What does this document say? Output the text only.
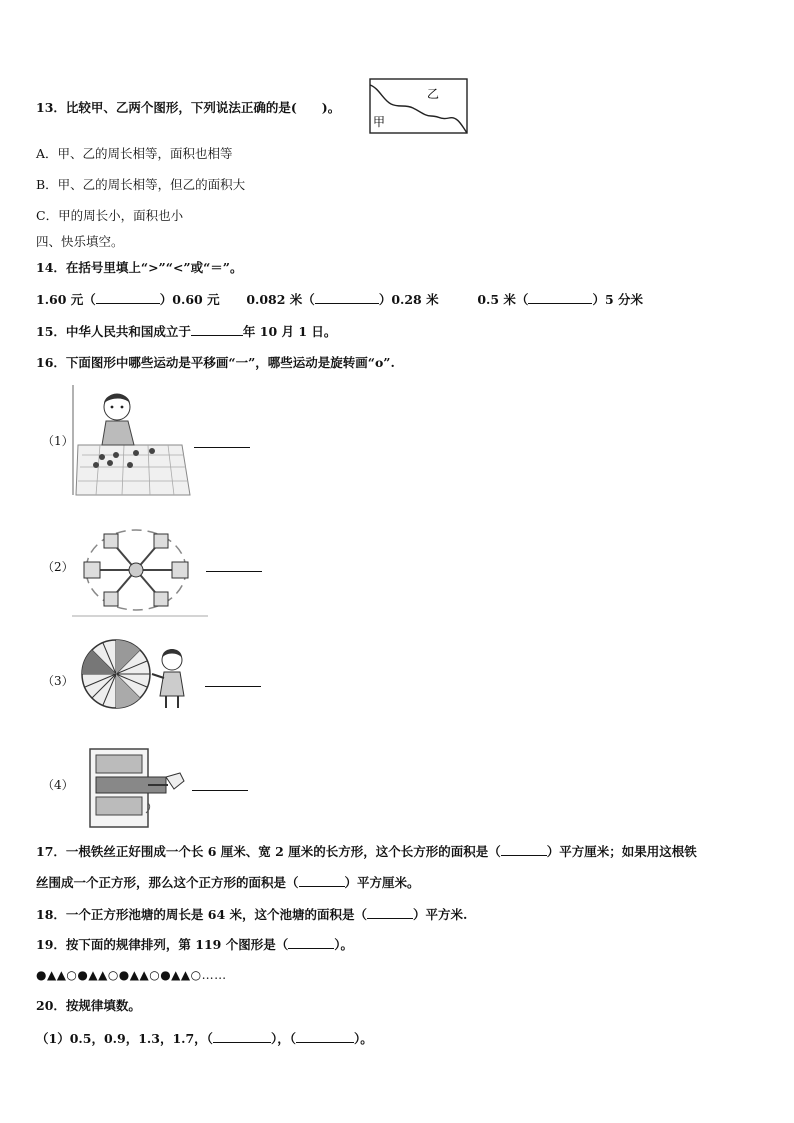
13．比较甲、乙两个图形，下列说法正确的是(　　)。
乙
甲
A．甲、乙的周长相等，面积也相等
B．甲、乙的周长相等，但乙的面积大
C．甲的周长小，面积也小
四、快乐填空。
14．在括号里填上“>”“<”或“＝”。
1.60 元（	）0.60 元 0.082 米（	）0.28 米	0.5 米（	）5 分米
15．中华人民共和国成立于	年 10 月 1 日。
16．下面图形中哪些运动是平移画“一”，哪些运动是旋转画“o”.
（1）
（2）
（3）
（4）
17．一根铁丝正好围成一个长 6 厘米、宽 2 厘米的长方形，这个长方形的面积是（	）平方厘米；如果用这根铁
丝围成一个正方形，那么这个正方形的面积是（	）平方厘米。
18．一个正方形池塘的周长是 64 米，这个池塘的面积是（	）平方米.
19．按下面的规律排列，第 119 个图形是（	）。
●▲▲○●▲▲○●▲▲○●▲▲○……
20．按规律填数。
（1）0.5，0.9，1.3，1.7，（	），（	）。
